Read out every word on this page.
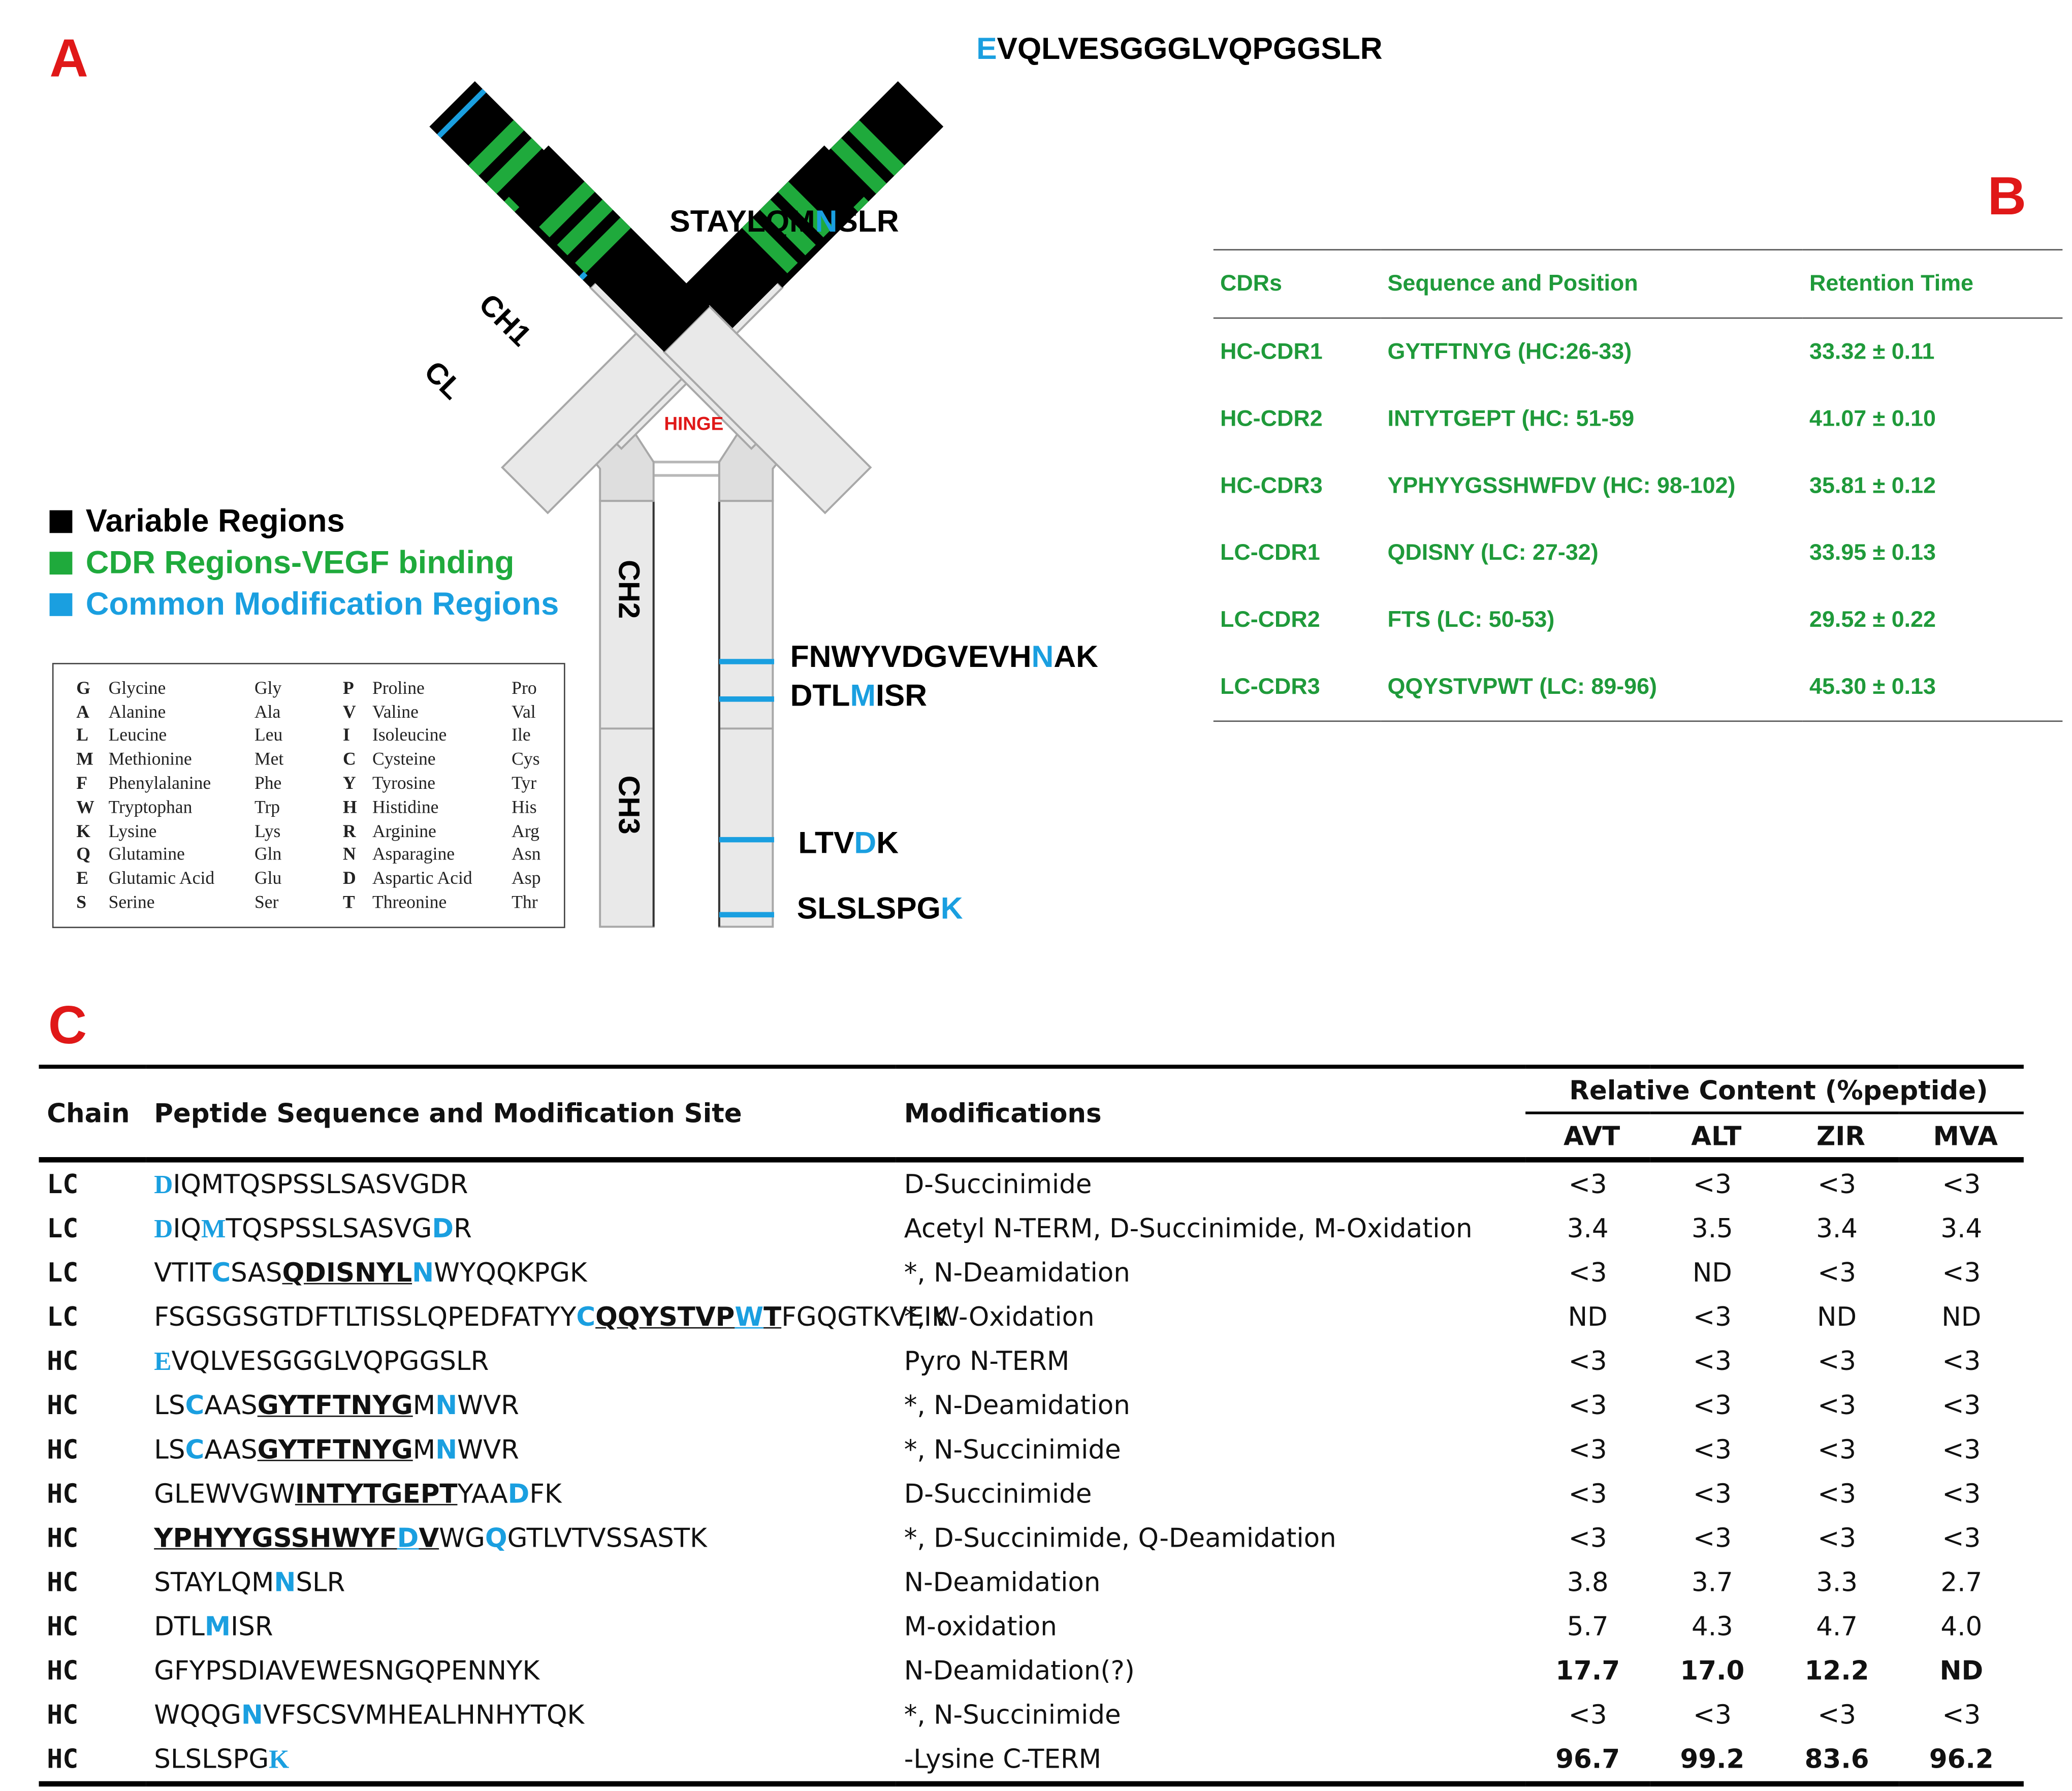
A
B
C
VH
VL
CH1
CL
CH2
CH3
HINGE
EVQLVESGGGLVQPGGSLR
STAYLQMNSLR
FNWYVDGVEVHNAK
DTLMISR
LTVDK
SLSLSPGK
Variable Regions
CDR Regions-VEGF binding
Common Modification Regions
G	Glycine	Gly	P	Proline	Pro
A	Alanine	Ala	V	Valine	Val
L	Leucine	Leu	I	Isoleucine	Ile
M	Methionine	Met	C	Cysteine	Cys
F	Phenylalanine	Phe	Y	Tyrosine	Tyr
W	Tryptophan	Trp	H	Histidine	His
K	Lysine	Lys	R	Arginine	Arg
Q	Glutamine	Gln	N	Asparagine	Asn
E	Glutamic Acid	Glu	D	Aspartic Acid	Asp
S	Serine	Ser	T	Threonine	Thr
CDRs	Sequence and Position	Retention Time
HC-CDR1	GYTFTNYG (HC:26-33)	33.32 ± 0.11
HC-CDR2	INTYTGEPT (HC: 51-59	41.07 ± 0.10
HC-CDR3	YPHYYGSSHWFDV (HC: 98-102)	35.81 ± 0.12
LC-CDR1	QDISNY (LC: 27-32)	33.95 ± 0.13
LC-CDR2	FTS (LC: 50-53)	29.52 ± 0.22
LC-CDR3	QQYSTVPWT (LC: 89-96)	45.30 ± 0.13
Chain	Peptide Sequence and Modification Site	Modifications	Relative Content (%peptide)			
			AVT	ALT	ZIR	MVA
LC	DIQMTQSPSSLSASVGDR	D-Succinimide	<3	<3	<3	<3
LC	DIQMTQSPSSLSASVGDR	Acetyl N-TERM, D-Succinimide, M-Oxidation	3.4	3.5	3.4	3.4
LC	VTITCSASQDISNYLNWYQQKPGK	*, N-Deamidation	<3	ND	<3	<3
LC	FSGSGSGTDFTLTISSLQPEDFATYYCQQYSTVPWTFGQGTKVEIK	*, W-Oxidation	ND	<3	ND	ND
HC	EVQLVESGGGLVQPGGSLR	Pyro N-TERM	<3	<3	<3	<3
HC	LSCAASGYTFTNYGMNWVR	*, N-Deamidation	<3	<3	<3	<3
HC	LSCAASGYTFTNYGMNWVR	*, N-Succinimide	<3	<3	<3	<3
HC	GLEWVGWINTYTGEPTYAADFK	D-Succinimide	<3	<3	<3	<3
HC	YPHYYGSSHWYFDVWGQGTLVTVSSASTK	*, D-Succinimide, Q-Deamidation	<3	<3	<3	<3
HC	STAYLQMNSLR	N-Deamidation	3.8	3.7	3.3	2.7
HC	DTLMISR	M-oxidation	5.7	4.3	4.7	4.0
HC	GFYPSDIAVEWESNGQPENNYK	N-Deamidation(?)	17.7	17.0	12.2	ND
HC	WQQGNVFSCSVMHEALHNHYTQK	*, N-Succinimide	<3	<3	<3	<3
HC	SLSLSPGK	-Lysine C-TERM	96.7	99.2	83.6	96.2
